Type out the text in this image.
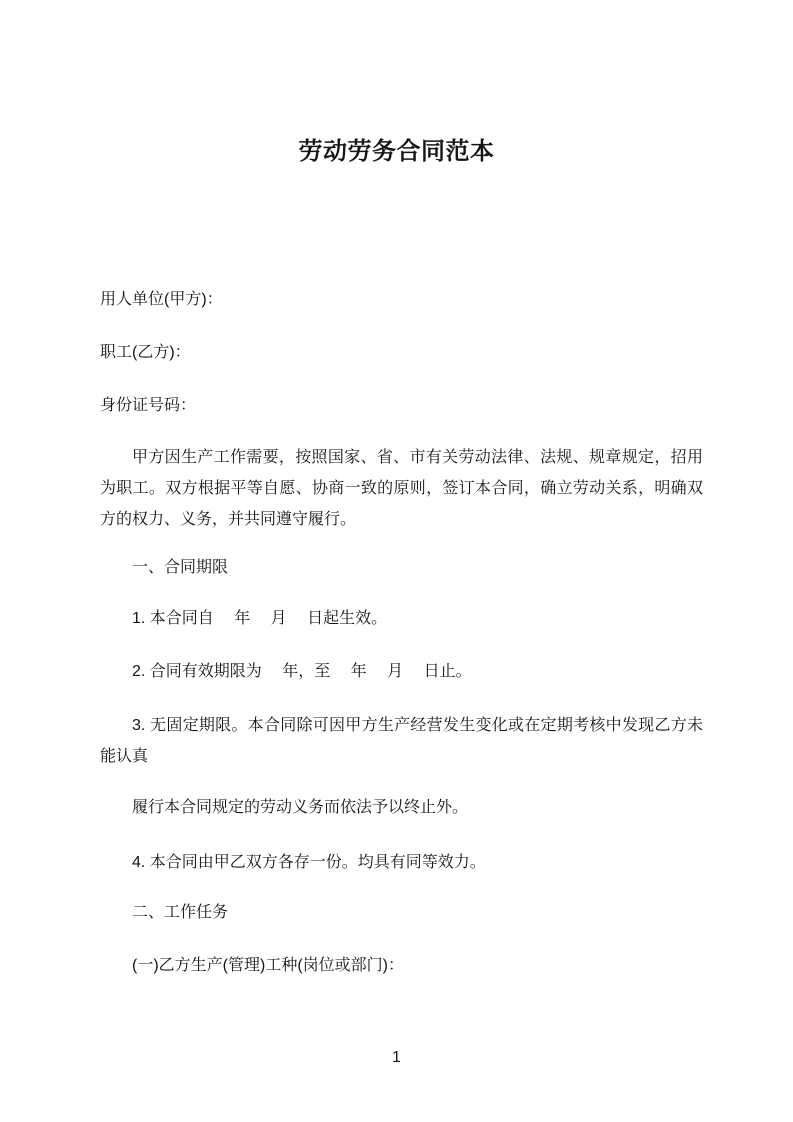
劳动劳务合同范本
用人单位(甲方)：
职工(乙方)：
身份证号码：
甲方因生产工作需要，按照国家、省、市有关劳动法律、法规、规章规定，招用为职工。双方根据平等自愿、协商一致的原则，签订本合同，确立劳动关系，明确双方的权力、义务，并共同遵守履行。
一、合同期限
1. 本合同自　 年　 月　 日起生效。
2. 合同有效期限为　 年，至　 年　 月　 日止。
3. 无固定期限。本合同除可因甲方生产经营发生变化或在定期考核中发现乙方未能认真
履行本合同规定的劳动义务而依法予以终止外。
4. 本合同由甲乙双方各存一份。均具有同等效力。
二、工作任务
(一)乙方生产(管理)工种(岗位或部门)：
1
